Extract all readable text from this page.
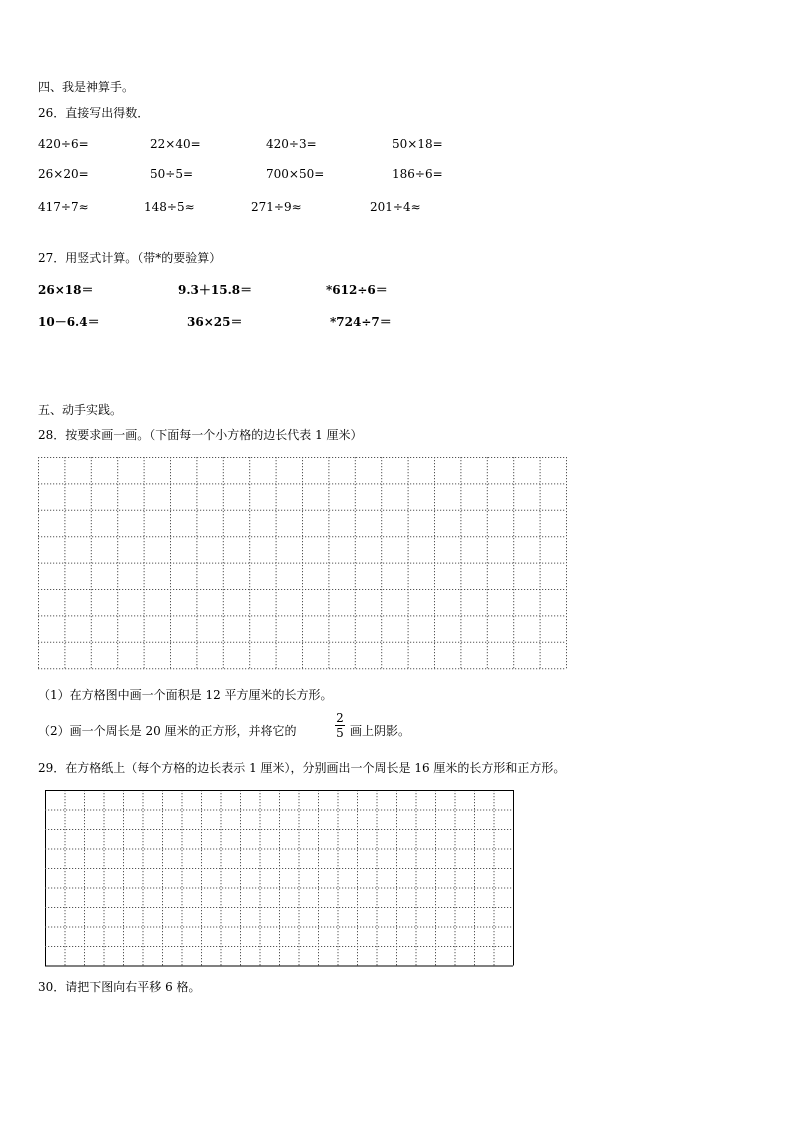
四、我是神算手。
26．直接写出得数．
420÷6=	22×40=	420÷3=	50×18=
26×20=	50÷5=	700×50=	186÷6=
417÷7≈	148÷5≈	271÷9≈	201÷4≈
27．用竖式计算。（带*的要验算）
26×18＝	9.3＋15.8＝	*612÷6＝
10－6.4＝	36×25＝	*724÷7＝
五、动手实践。
28．按要求画一画。（下面每一个小方格的边长代表 1 厘米）
（1）在方格图中画一个面积是 12 平方厘米的长方形。
（2）画一个周长是 20 厘米的正方形，并将它的
2
5 画上阴影。
29．在方格纸上（每个方格的边长表示 1 厘米），分别画出一个周长是 16 厘米的长方形和正方形。
30．请把下图向右平移 6 格。
